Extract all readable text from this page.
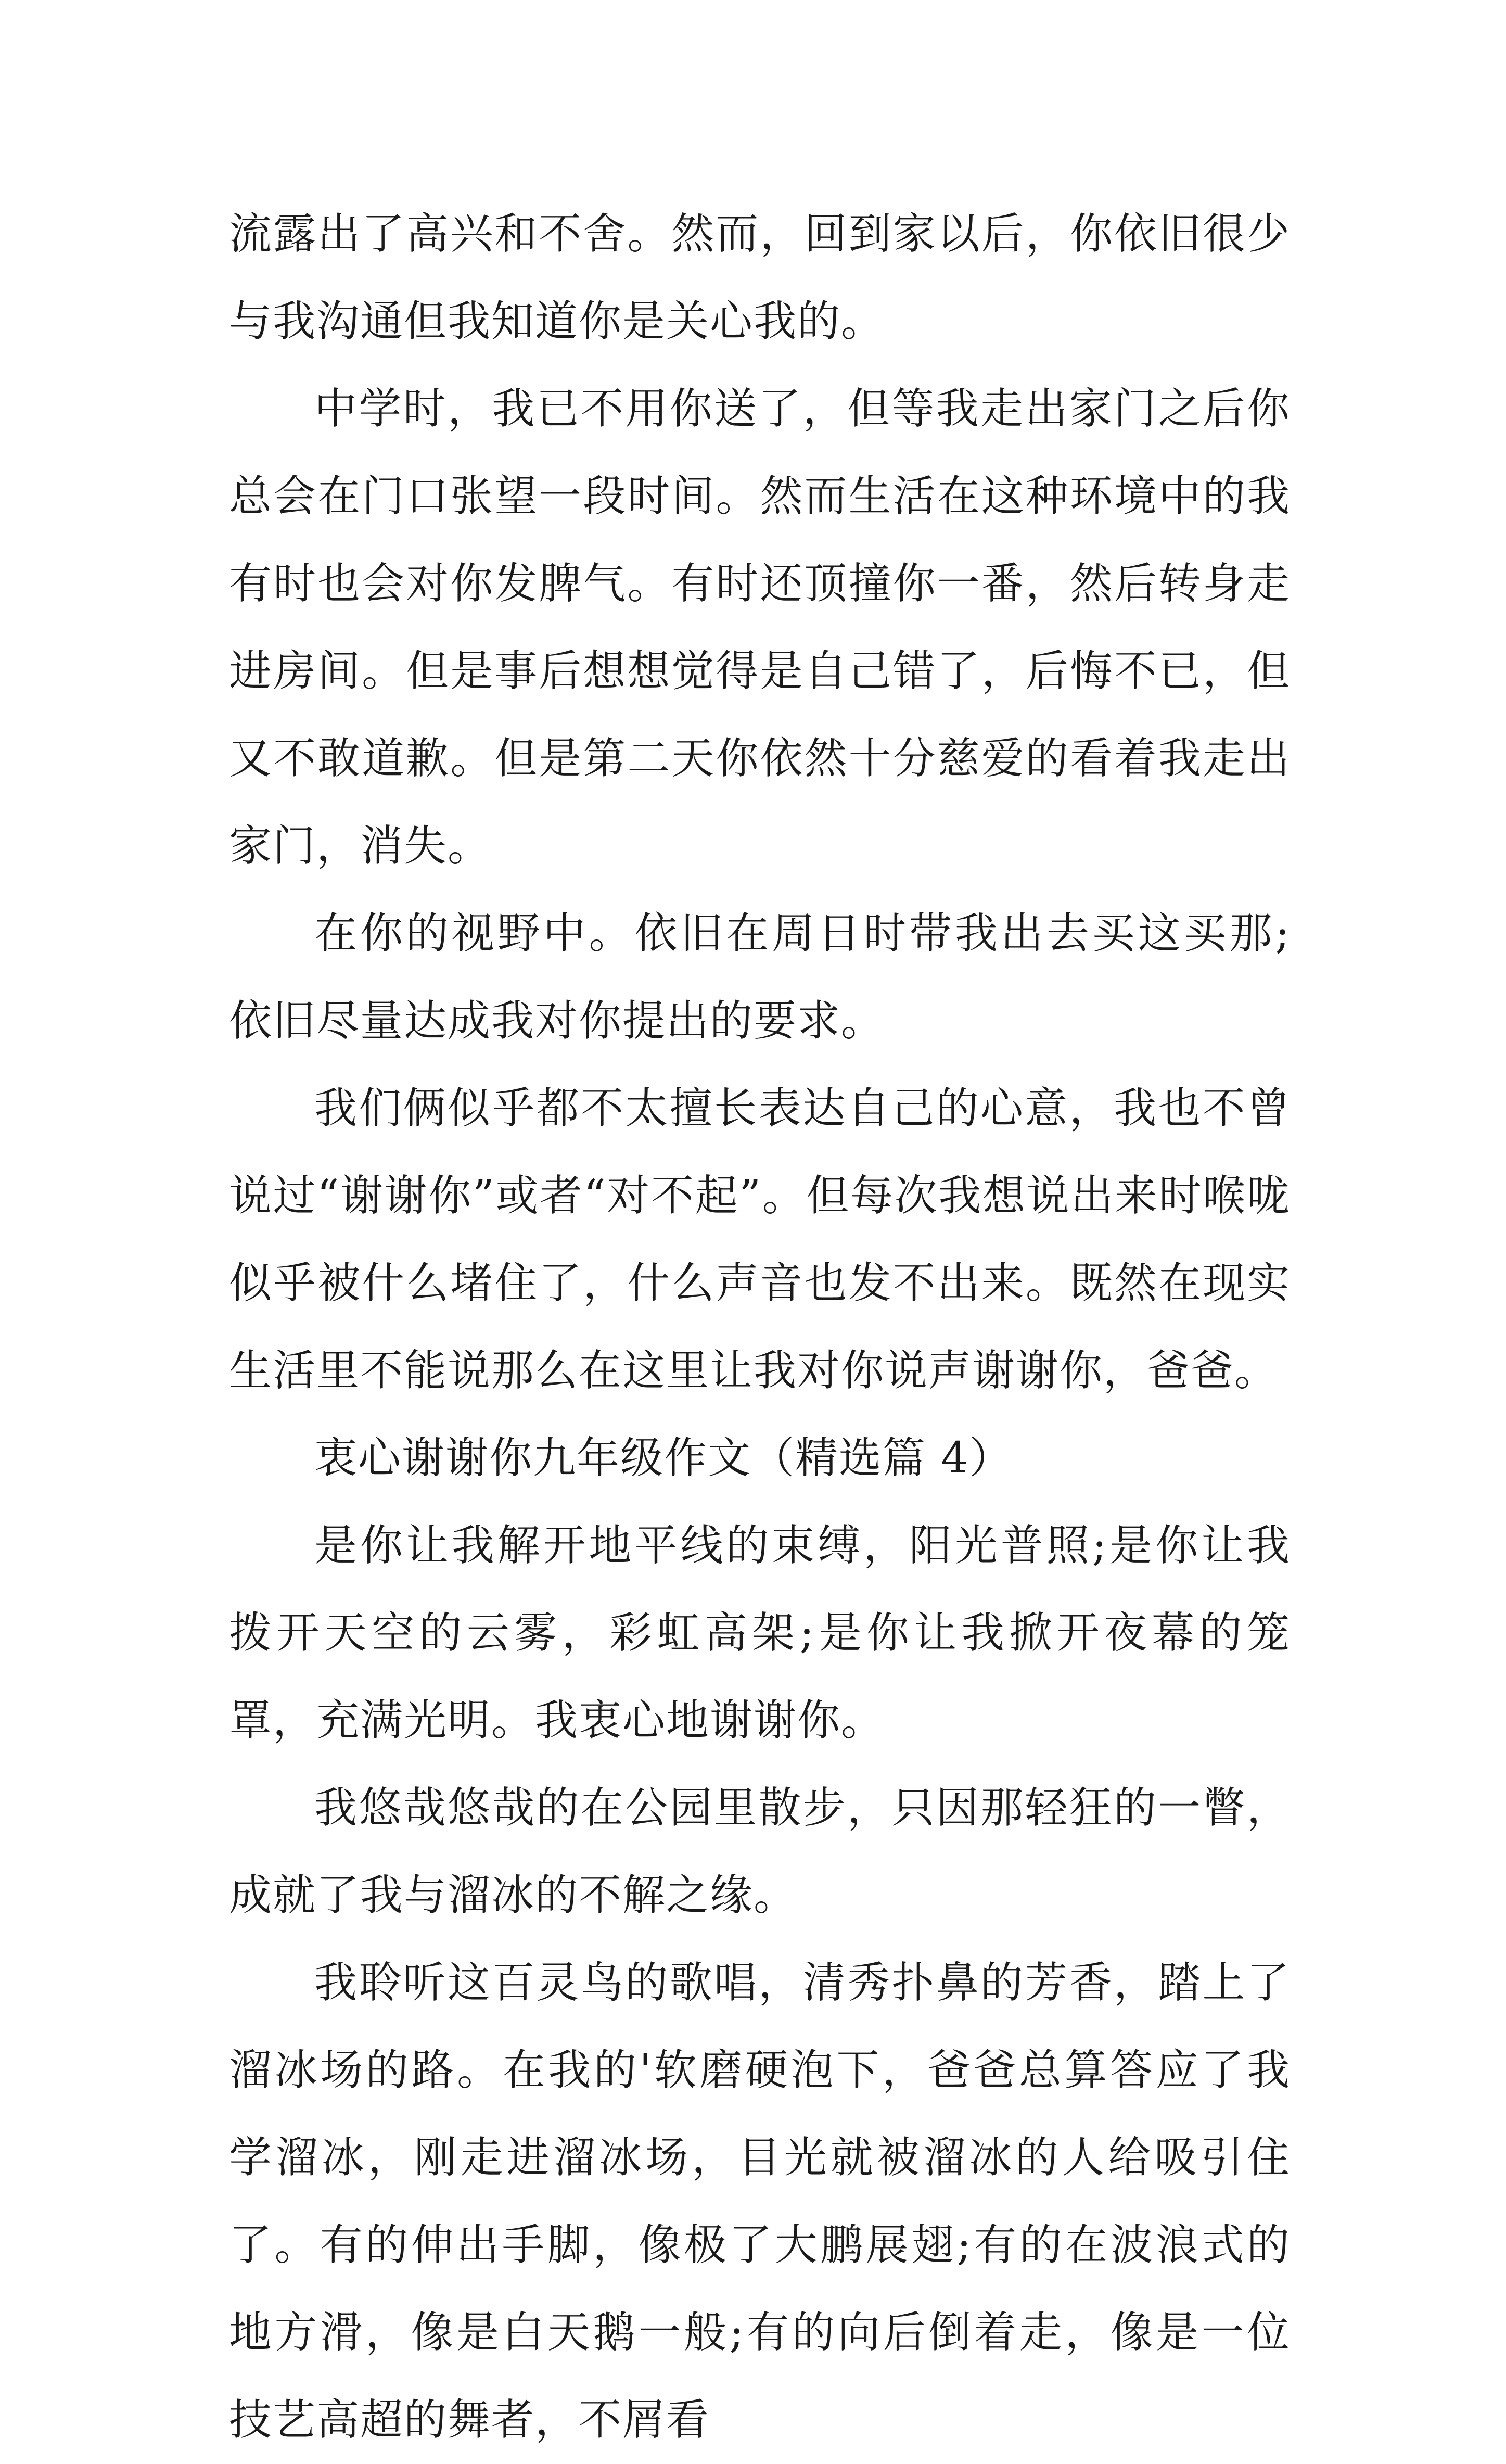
流露出了高兴和不舍。然而，回到家以后，你依旧很少与我沟通但我知道你是关心我的。

中学时，我已不用你送了，但等我走出家门之后你总会在门口张望一段时间。然而生活在这种环境中的我有时也会对你发脾气。有时还顶撞你一番，然后转身走进房间。但是事后想想觉得是自己错了，后悔不已，但又不敢道歉。但是第二天你依然十分慈爱的看着我走出家门，消失。

在你的视野中。依旧在周日时带我出去买这买那;依旧尽量达成我对你提出的要求。

我们俩似乎都不太擅长表达自己的心意，我也不曾说过“谢谢你”或者“对不起”。但每次我想说出来时喉咙似乎被什么堵住了，什么声音也发不出来。既然在现实生活里不能说那么在这里让我对你说声谢谢你，爸爸。

衷心谢谢你九年级作文（精选篇 4）

是你让我解开地平线的束缚，阳光普照;是你让我拨开天空的云雾，彩虹高架;是你让我掀开夜幕的笼罩，充满光明。我衷心地谢谢你。

我悠哉悠哉的在公园里散步，只因那轻狂的一瞥，成就了我与溜冰的不解之缘。

我聆听这百灵鸟的歌唱，清秀扑鼻的芳香，踏上了溜冰场的路。在我的'软磨硬泡下，爸爸总算答应了我学溜冰，刚走进溜冰场，目光就被溜冰的人给吸引住了。有的伸出手脚，像极了大鹏展翅;有的在波浪式的地方滑，像是白天鹅一般;有的向后倒着走，像是一位技艺高超的舞者，不屑看
